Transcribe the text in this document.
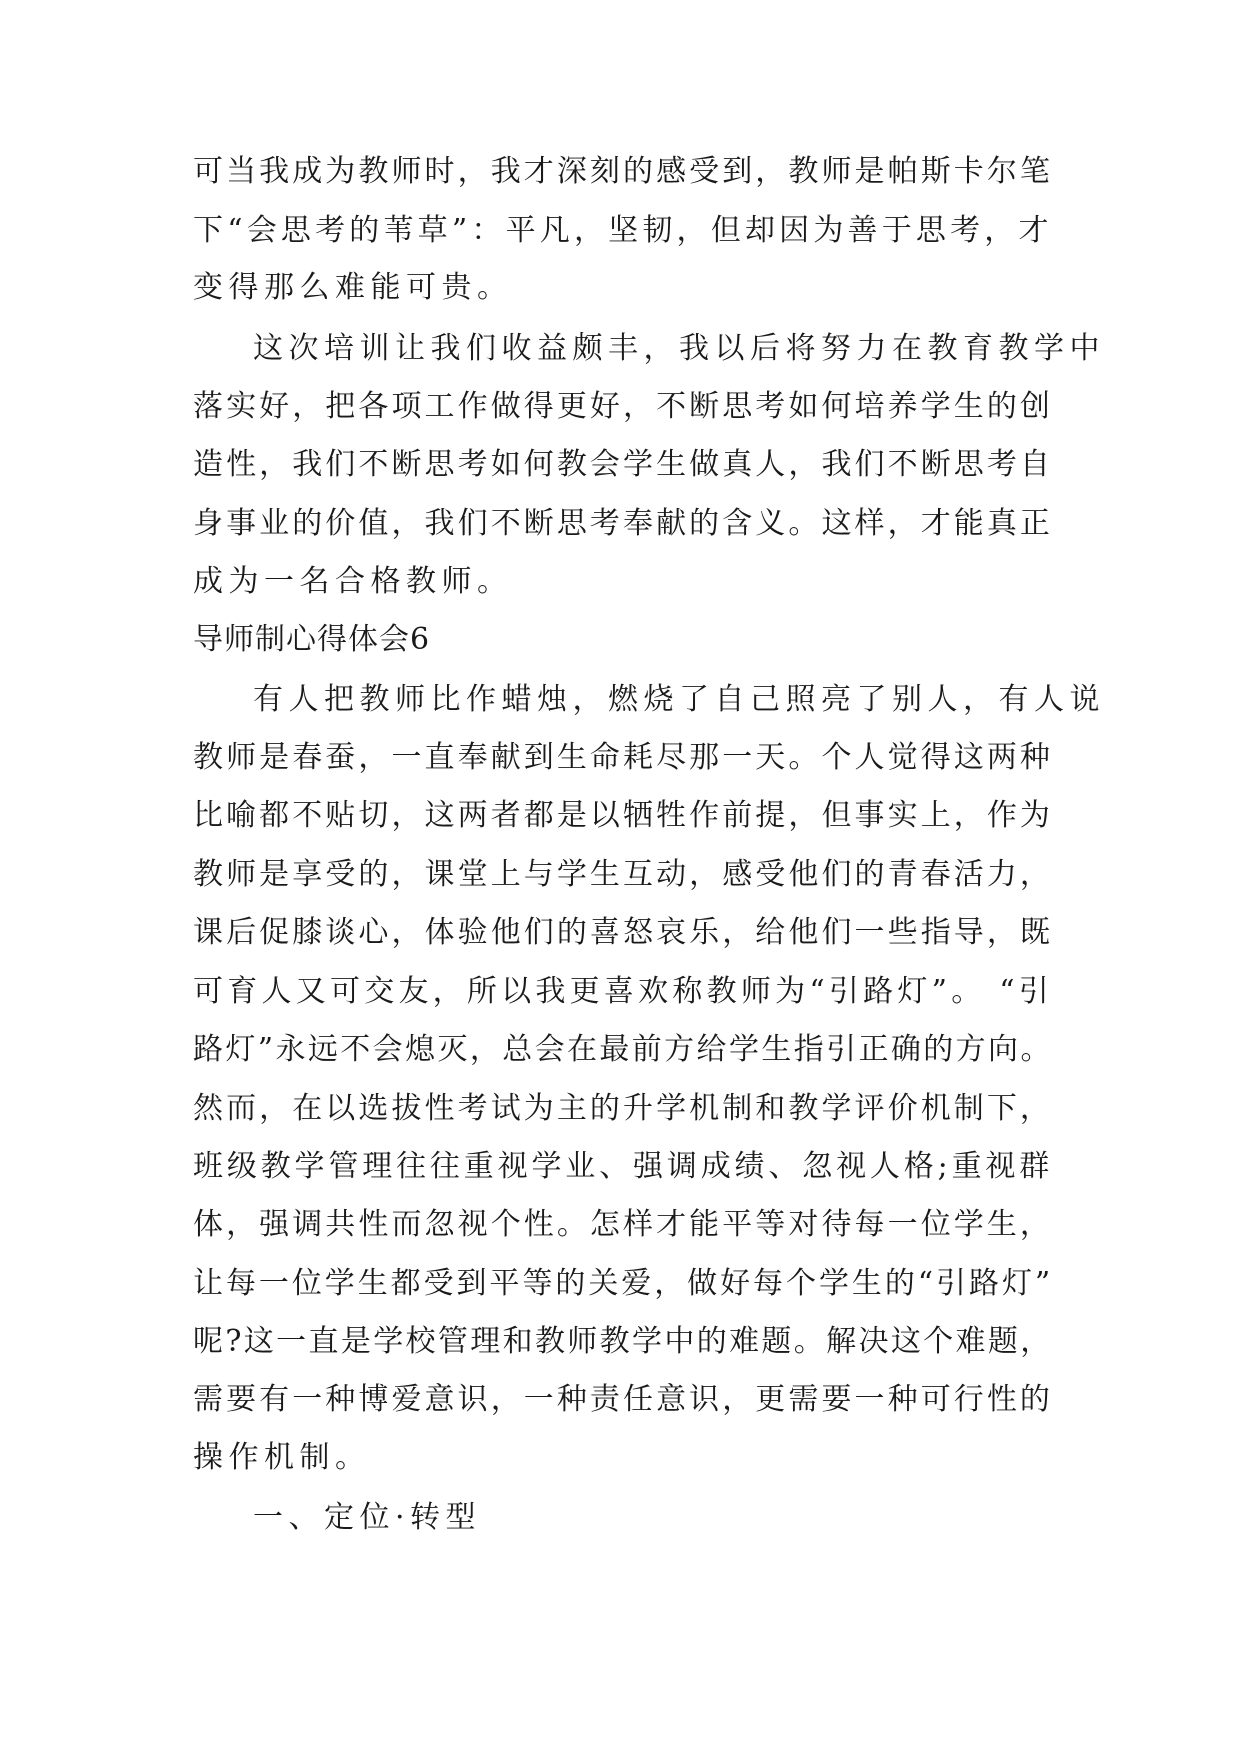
可当我成为教师时，我才深刻的感受到，教师是帕斯卡尔笔
下“会思考的苇草”：平凡，坚韧，但却因为善于思考，才
变得那么难能可贵。
这次培训让我们收益颇丰，我以后将努力在教育教学中
落实好，把各项工作做得更好，不断思考如何培养学生的创
造性，我们不断思考如何教会学生做真人，我们不断思考自
身事业的价值，我们不断思考奉献的含义。这样，才能真正
成为一名合格教师。
导师制心得体会6
有人把教师比作蜡烛，燃烧了自己照亮了别人，有人说
教师是春蚕，一直奉献到生命耗尽那一天。个人觉得这两种
比喻都不贴切，这两者都是以牺牲作前提，但事实上，作为
教师是享受的，课堂上与学生互动，感受他们的青春活力，
课后促膝谈心，体验他们的喜怒哀乐，给他们一些指导，既
可育人又可交友，所以我更喜欢称教师为“引路灯”。 “引
路灯”永远不会熄灭，总会在最前方给学生指引正确的方向。
然而，在以选拔性考试为主的升学机制和教学评价机制下，
班级教学管理往往重视学业、强调成绩、忽视人格;重视群
体，强调共性而忽视个性。怎样才能平等对待每一位学生，
让每一位学生都受到平等的关爱，做好每个学生的“引路灯”
呢?这一直是学校管理和教师教学中的难题。解决这个难题，
需要有一种博爱意识，一种责任意识，更需要一种可行性的
操作机制。
一、定位·转型
